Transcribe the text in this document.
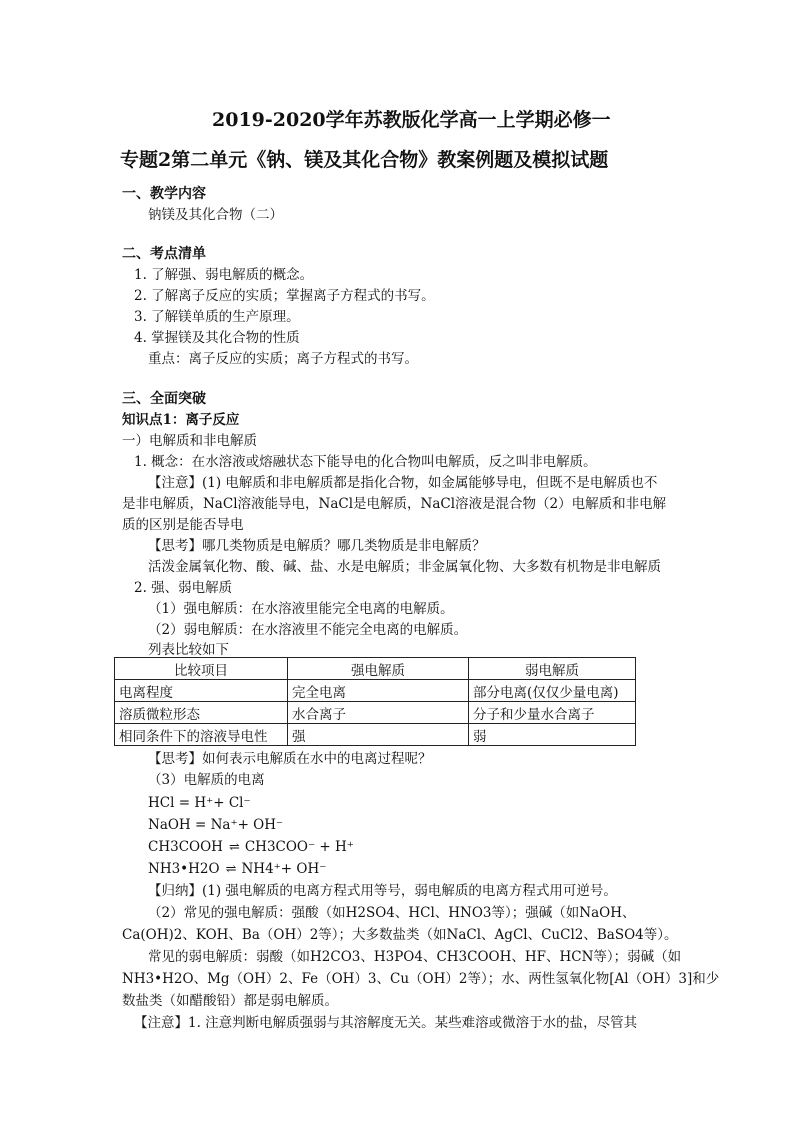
2019-2020学年苏教版化学高一上学期必修一
专题2第二单元《钠、镁及其化合物》教案例题及模拟试题
一、教学内容
钠镁及其化合物（二）
二、考点清单
1. 了解强、弱电解质的概念。
2. 了解离子反应的实质；掌握离子方程式的书写。
3. 了解镁单质的生产原理。
4. 掌握镁及其化合物的性质
重点：离子反应的实质；离子方程式的书写。
三、全面突破
知识点1：离子反应
一）电解质和非电解质
1. 概念：在水溶液或熔融状态下能导电的化合物叫电解质，反之叫非电解质。
【注意】(1) 电解质和非电解质都是指化合物，如金属能够导电，但既不是电解质也不
是非电解质，NaCl溶液能导电，NaCl是电解质，NaCl溶液是混合物（2）电解质和非电解
质的区别是能否导电
【思考】哪几类物质是电解质？哪几类物质是非电解质？
活泼金属氧化物、酸、碱、盐、水是电解质；非金属氧化物、大多数有机物是非电解质
2. 强、弱电解质
（1）强电解质：在水溶液里能完全电离的电解质。
（2）弱电解质：在水溶液里不能完全电离的电解质。
列表比较如下
比较项目	强电解质	弱电解质
电离程度	完全电离	部分电离(仅仅少量电离)
溶质微粒形态	水合离子	分子和少量水合离子
相同条件下的溶液导电性	强	弱
【思考】如何表示电解质在水中的电离过程呢？
（3）电解质的电离
HCl = H⁺+ Cl⁻
NaOH = Na⁺+ OH⁻
CH3COOH ⇌ CH3COO⁻ + H⁺
NH3•H2O ⇌ NH4⁺+ OH⁻
【归纳】(1) 强电解质的电离方程式用等号，弱电解质的电离方程式用可逆号。
（2）常见的强电解质：强酸（如H2SO4、HCl、HNO3等）；强碱（如NaOH、
Ca(OH)2、KOH、Ba（OH）2等）；大多数盐类（如NaCl、AgCl、CuCl2、BaSO4等）。
常见的弱电解质：弱酸（如H2CO3、H3PO4、CH3COOH、HF、HCN等）；弱碱（如
NH3•H2O、Mg（OH）2、Fe（OH）3、Cu（OH）2等）；水、两性氢氧化物[Al（OH）3]和少
数盐类（如醋酸铅）都是弱电解质。
【注意】1. 注意判断电解质强弱与其溶解度无关。某些难溶或微溶于水的盐，尽管其
